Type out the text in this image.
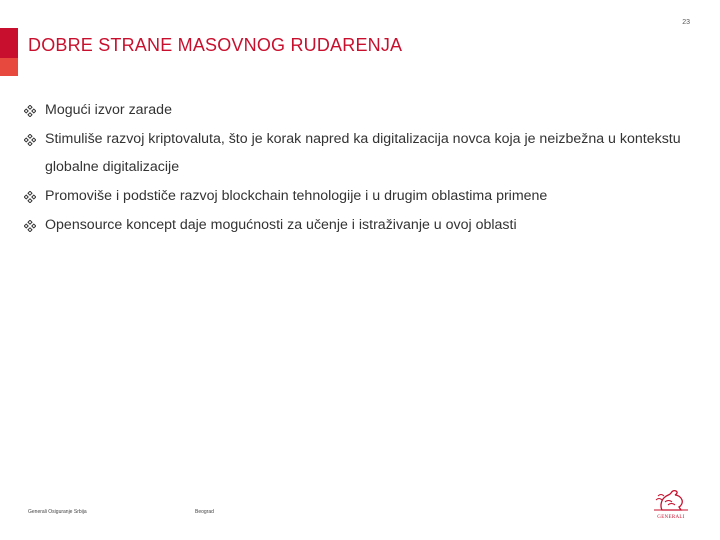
23
DOBRE STRANE MASOVNOG RUDARENJA
Mogući izvor zarade
Stimuliše razvoj kriptovaluta, što je korak napred ka digitalizacija novca koja je neizbežna u kontekstu globalne digitalizacije
Promoviše i podstiče razvoj blockchain tehnologije i u drugim oblastima primene
Opensource koncept daje mogućnosti za učenje i istraživanje u ovoj oblasti
Generali Osiguranje Srbija	Beograd
GENERALI
